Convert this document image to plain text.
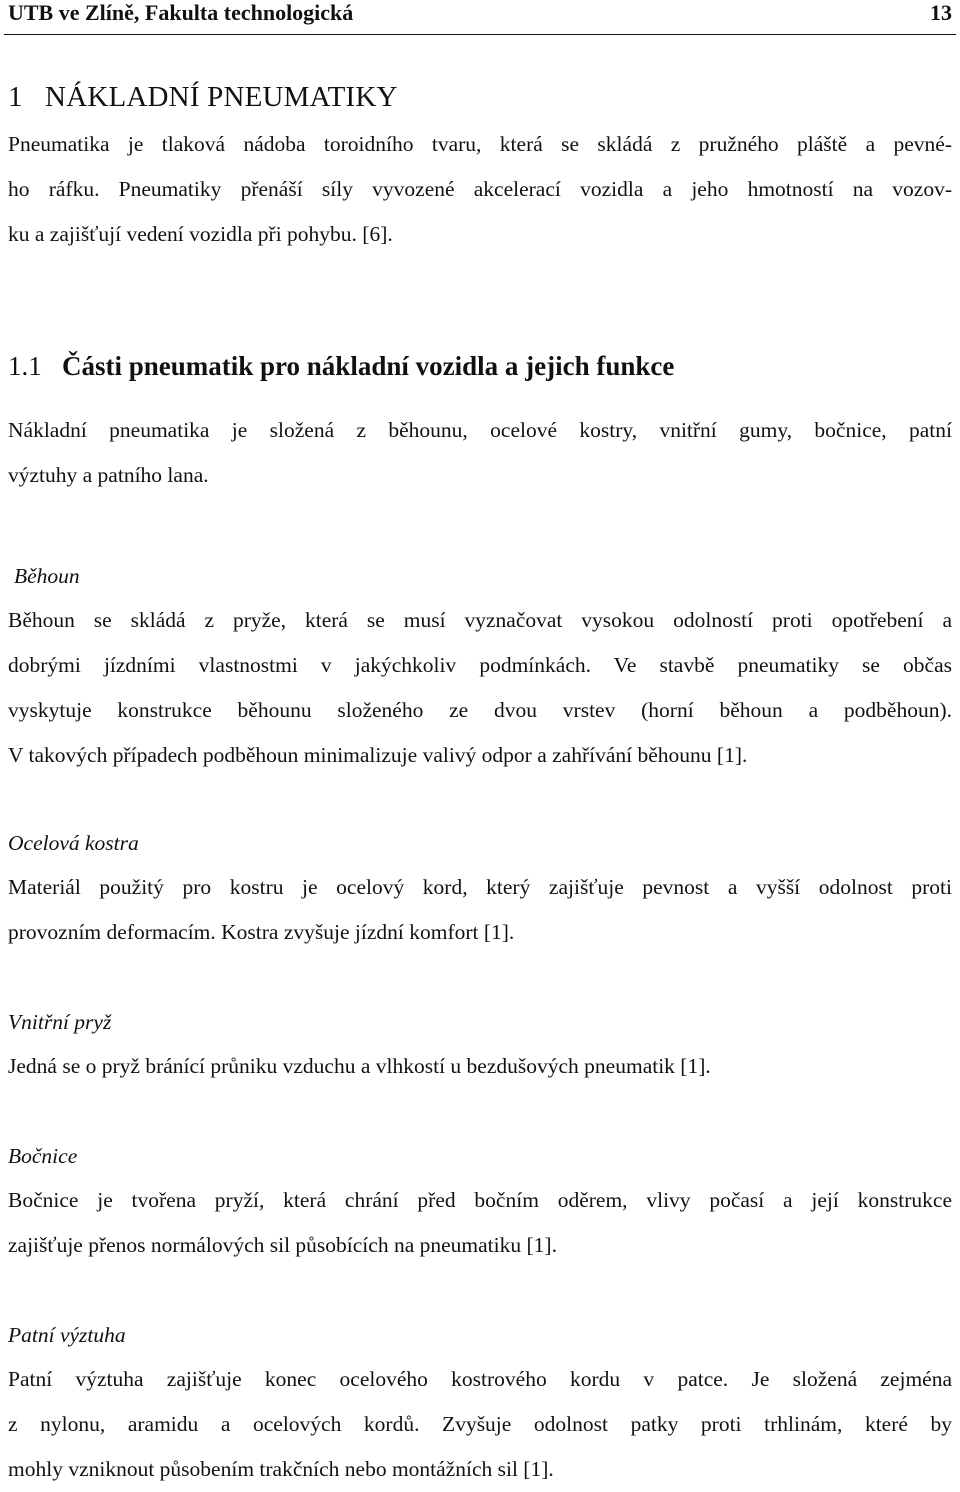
UTB ve Zlíně, Fakulta technologická	13
1   NÁKLADNÍ PNEUMATIKY

Pneumatika je tlaková nádoba toroidního tvaru, která se skládá z pružného pláště a pevné-
ho ráfku. Pneumatiky přenáší síly vyvozené akcelerací vozidla a jeho hmotností na vozov-
ku a zajišťují vedení vozidla při pohybu. [6].

1.1 Části pneumatik pro nákladní vozidla a jejich funkce

Nákladní pneumatika je složená z běhounu, ocelové kostry, vnitřní gumy, bočnice, patní
výztuhy a patního lana.

Běhoun

Běhoun se skládá z pryže, která se musí vyznačovat vysokou odolností proti opotřebení a
dobrými jízdními vlastnostmi v jakýchkoliv podmínkách. Ve stavbě pneumatiky se občas
vyskytuje konstrukce běhounu složeného ze dvou vrstev (horní běhoun a podběhoun).
V takových případech podběhoun minimalizuje valivý odpor a zahřívání běhounu [1].

Ocelová kostra

Materiál použitý pro kostru je ocelový kord, který zajišťuje pevnost a vyšší odolnost proti
provozním deformacím. Kostra zvyšuje jízdní komfort [1].

Vnitřní pryž

Jedná se o pryž bránící průniku vzduchu a vlhkostí u bezdušových pneumatik [1].

Bočnice

Bočnice je tvořena pryží, která chrání před bočním oděrem, vlivy počasí a její konstrukce
zajišťuje přenos normálových sil působících na pneumatiku [1].

Patní výztuha

Patní výztuha zajišťuje konec ocelového kostrového kordu v patce. Je složená zejména
z nylonu, aramidu a ocelových kordů. Zvyšuje odolnost patky proti trhlinám, které by
mohly vzniknout působením trakčních nebo montážních sil [1].
